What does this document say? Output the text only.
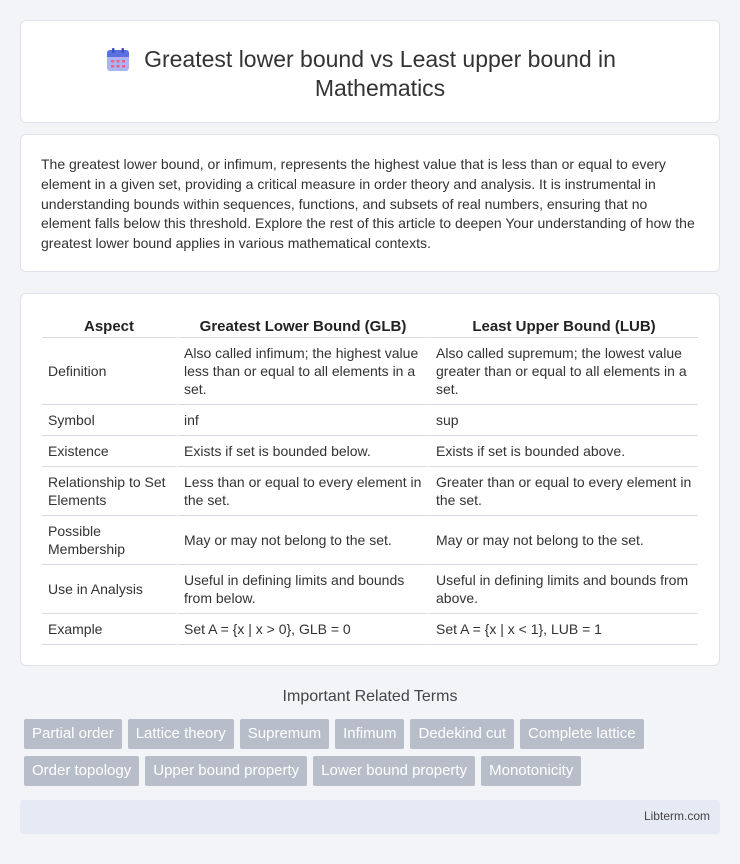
Greatest lower bound vs Least upper bound in Mathematics

The greatest lower bound, or infimum, represents the highest value that is less than or equal to every element in a given set, providing a critical measure in order theory and analysis. It is instrumental in understanding bounds within sequences, functions, and subsets of real numbers, ensuring that no element falls below this threshold. Explore the rest of this article to deepen Your understanding of how the greatest lower bound applies in various mathematical contexts.

Aspect	Greatest Lower Bound (GLB)	Least Upper Bound (LUB)
Definition	Also called infimum; the highest value less than or equal to all elements in a set.	Also called supremum; the lowest value greater than or equal to all elements in a set.
Symbol	inf	sup
Existence	Exists if set is bounded below.	Exists if set is bounded above.
Relationship to Set Elements	Less than or equal to every element in the set.	Greater than or equal to every element in the set.
Possible Membership	May or may not belong to the set.	May or may not belong to the set.
Use in Analysis	Useful in defining limits and bounds from below.	Useful in defining limits and bounds from above.
Example	Set A = {x | x > 0}, GLB = 0	Set A = {x | x < 1}, LUB = 1
Important Related Terms
Partial order	Lattice theory	Supremum	Infimum	Dedekind cut	Complete lattice
Order topology	Upper bound property	Lower bound property	Monotonicity
Libterm.com
